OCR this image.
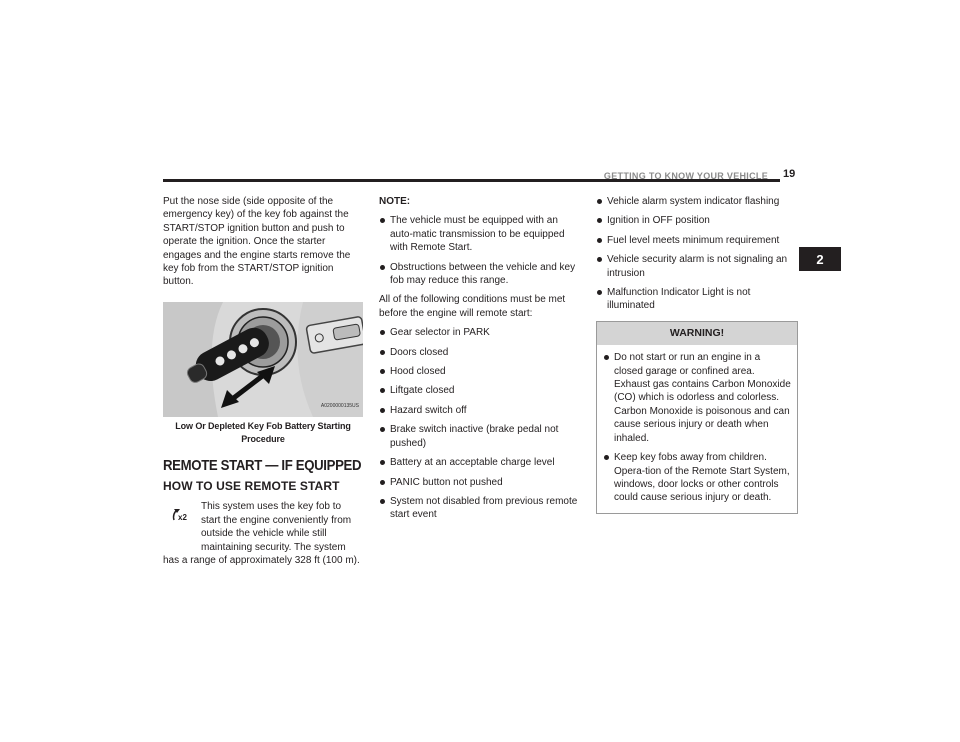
GETTING TO KNOW YOUR VEHICLE 19
2

Put the nose side (side opposite of the emergency key) of the key fob against the START/STOP ignition button and push to operate the ignition. Once the starter engages and the engine starts remove the key fob from the START/STOP ignition button.

A0200000135US
Low Or Depleted Key Fob Battery Starting Procedure
REMOTE START — IF EQUIPPED
HOW TO USE REMOTE START
x2
This system uses the key fob to start the engine conveniently from outside the vehicle while still maintaining security. The system has a range of approximately 328 ft (100 m).
NOTE:
The vehicle must be equipped with an auto-matic transmission to be equipped with Remote Start.
Obstructions between the vehicle and key fob may reduce this range.

All of the following conditions must be met before the engine will remote start:

Gear selector in PARK
Doors closed
Hood closed
Liftgate closed
Hazard switch off
Brake switch inactive (brake pedal not pushed)
Battery at an acceptable charge level
PANIC button not pushed
System not disabled from previous remote start event
Vehicle alarm system indicator flashing
Ignition in OFF position
Fuel level meets minimum requirement
Vehicle security alarm is not signaling an intrusion
Malfunction Indicator Light is not illuminated
WARNING!
Do not start or run an engine in a closed garage or confined area. Exhaust gas contains Carbon Monoxide (CO) which is odorless and colorless. Carbon Monoxide is poisonous and can cause serious injury or death when inhaled.
Keep key fobs away from children. Opera-tion of the Remote Start System, windows, door locks or other controls could cause serious injury or death.
